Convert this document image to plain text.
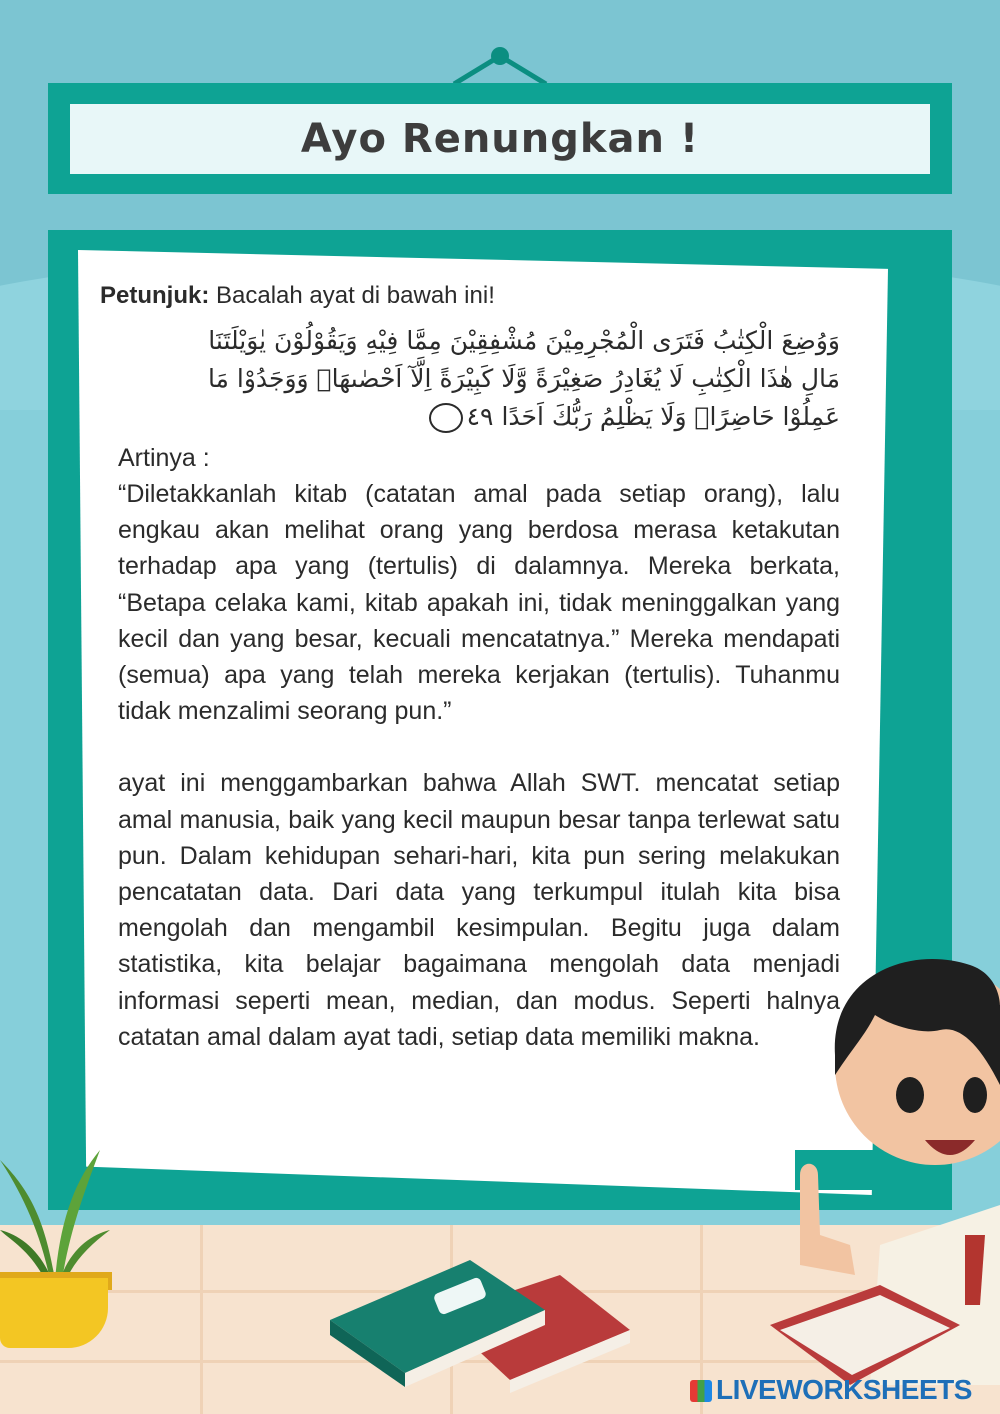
Ayo Renungkan !

Petunjuk: Bacalah ayat di bawah ini!

وَوُضِعَ الْكِتٰبُ فَتَرَى الْمُجْرِمِيْنَ مُشْفِقِيْنَ مِمَّا فِيْهِ وَيَقُوْلُوْنَ يٰوَيْلَتَنَا
مَالِ هٰذَا الْكِتٰبِ لَا يُغَادِرُ صَغِيْرَةً وَّلَا كَبِيْرَةً اِلَّآ اَحْصٰىهَاۚ وَوَجَدُوْا مَا
عَمِلُوْا حَاضِرًاۗ وَلَا يَظْلِمُ رَبُّكَ اَحَدًا ٤٩
Artinya :

“Diletakkanlah kitab (catatan amal pada setiap orang), lalu engkau akan melihat orang yang berdosa merasa ketakutan terhadap apa yang (tertulis) di dalamnya. Mereka berkata, “Betapa celaka kami, kitab apakah ini, tidak meninggalkan yang kecil dan yang besar, kecuali mencatatnya.” Mereka mendapati (semua) apa yang telah mereka kerjakan (tertulis). Tuhanmu tidak menzalimi seorang pun.”

ayat ini menggambarkan bahwa Allah SWT. mencatat setiap amal manusia, baik yang kecil maupun besar tanpa terlewat satu pun. Dalam kehidupan sehari-hari, kita pun sering melakukan pencatatan data. Dari data yang terkumpul itulah kita bisa mengolah dan mengambil kesimpulan. Begitu juga dalam statistika, kita belajar bagaimana mengolah data menjadi informasi seperti mean, median, dan modus. Seperti halnya catatan amal dalam ayat tadi, setiap data memiliki makna.

LIVEWORKSHEETS
